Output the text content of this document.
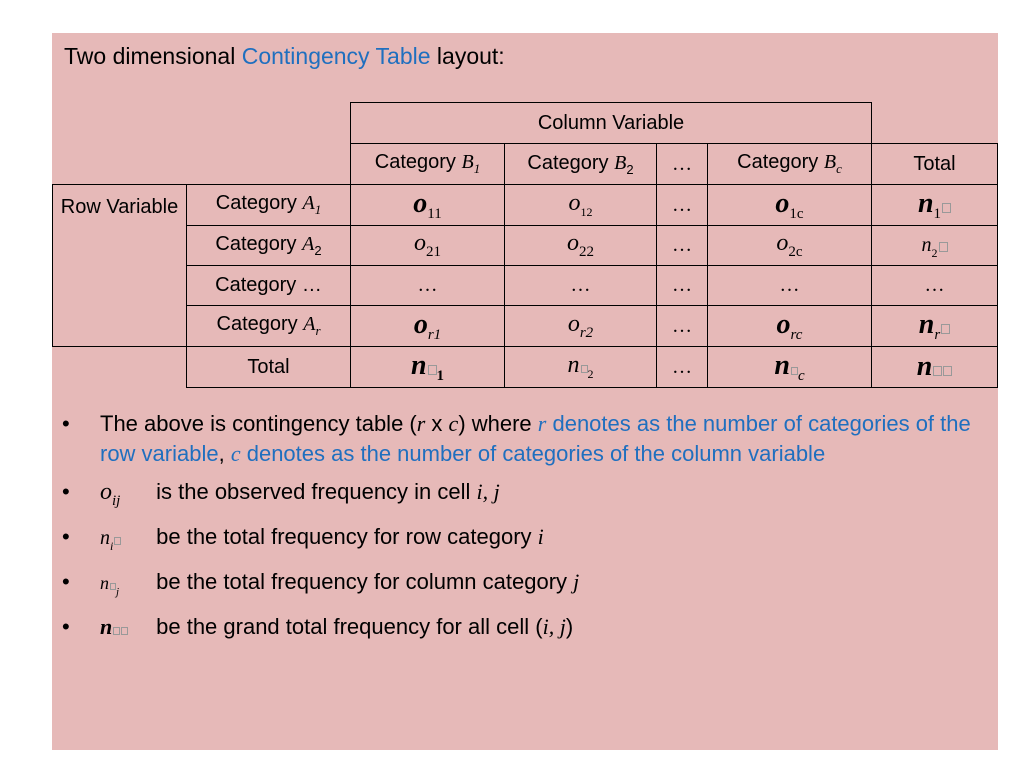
Two dimensional Contingency Table layout:
		Column Variable				
		Category $B_1$	Category $B_2$	…	Category $B_c$	Total
Row Variable	Category $A_1$	$o_{11}$	$o_{12}$	…	$o_{1c}$	$n_1$
	Category $A_2$	$o_{21}$	$o_{22}$	…	$o_{2c}$	$n_2$
	Category …	…	…	…	…	…
	Category $A_r$	$o_{r1}$	$o_{r2}$	…	$o_{rc}$	$n_r$
	Total	n $_1$	n $_2$	…	n $_c$	n
• The above is contingency table (r x c) where r denotes as the number of categories of the row variable, c denotes as the number of categories of the column variable
• $o_{ij}$ is the observed frequency in cell i, j
• $n_i$ be the total frequency for row category i
• n $_j$ be the total frequency for column category j
• n be the grand total frequency for all cell (i, j)
